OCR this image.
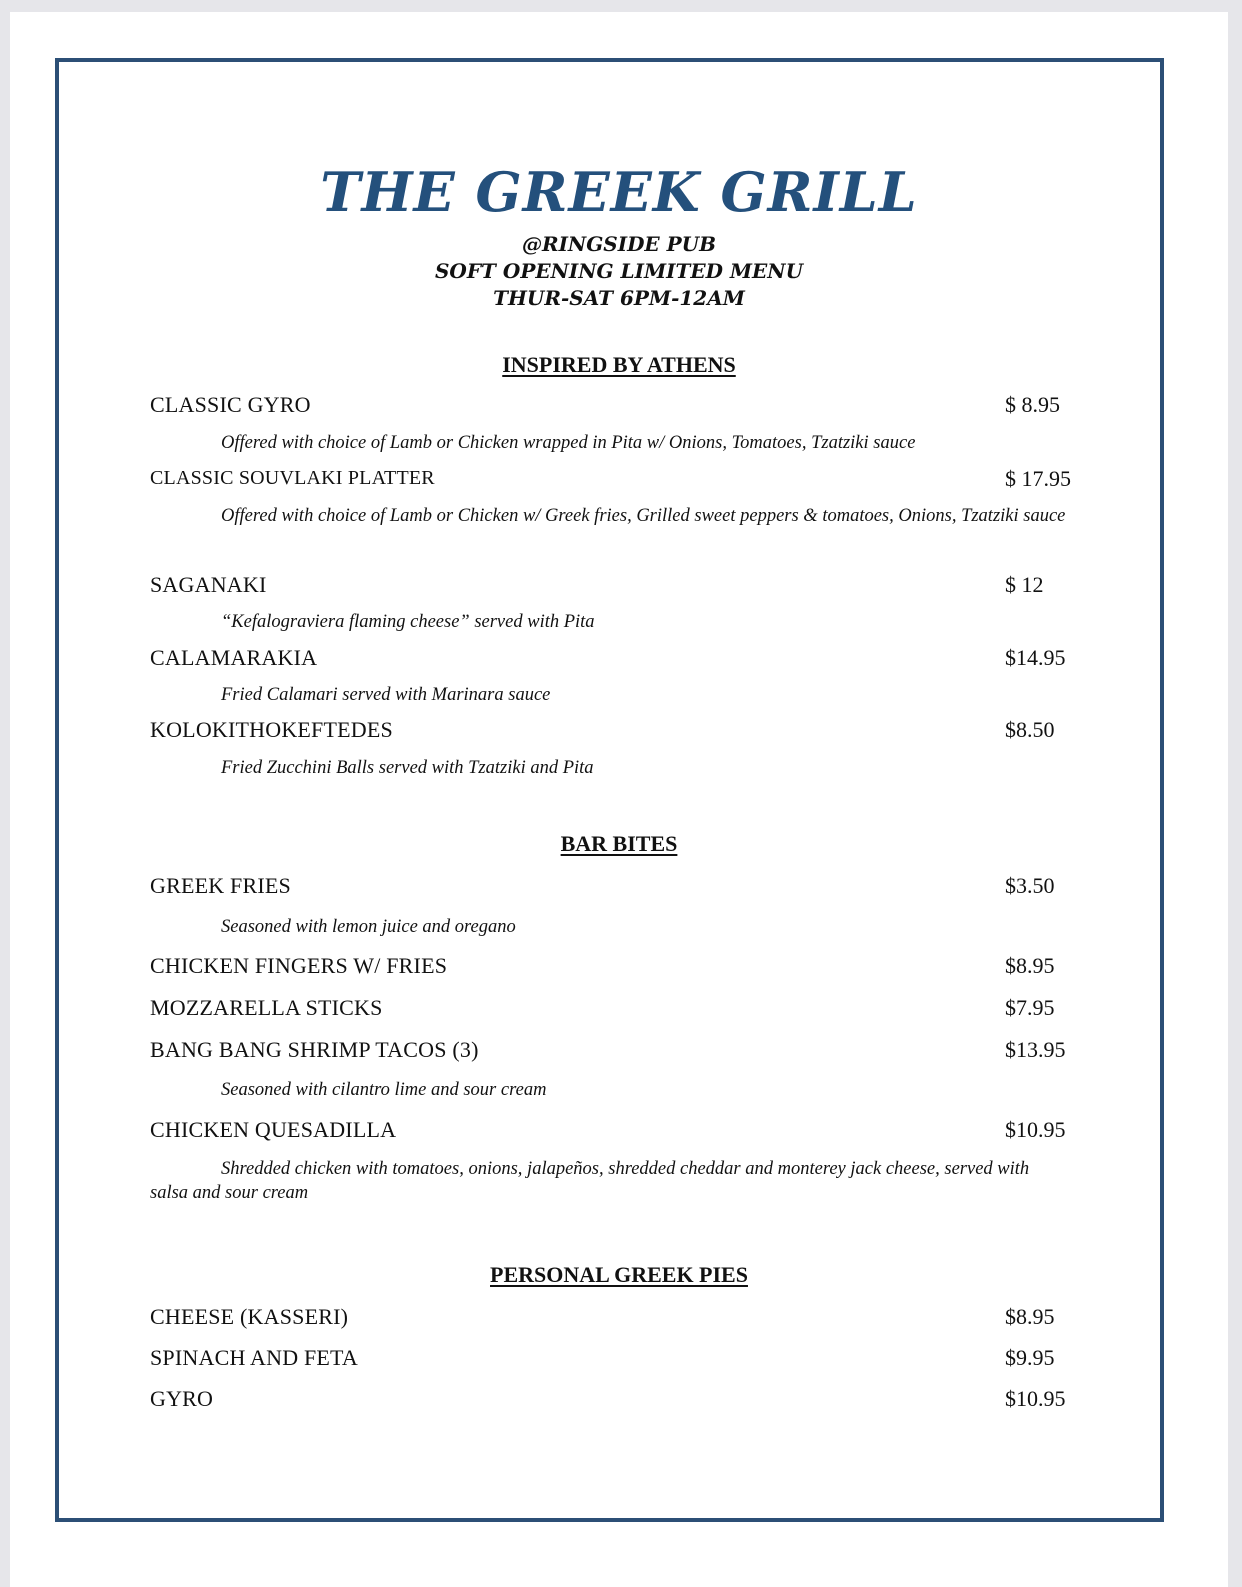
THE GREEK GRILL
@RINGSIDE PUB
SOFT OPENING LIMITED MENU
THUR-SAT 6PM-12AM
INSPIRED BY ATHENS
CLASSIC GYRO	$ 8.95
Offered with choice of Lamb or Chicken wrapped in Pita w/ Onions, Tomatoes, Tzatziki sauce
CLASSIC SOUVLAKI PLATTER	$ 17.95
Offered with choice of Lamb or Chicken w/ Greek fries, Grilled sweet peppers & tomatoes, Onions, Tzatziki sauce
SAGANAKI	$ 12
“Kefalograviera flaming cheese” served with Pita
CALAMARAKIA	$14.95
Fried Calamari served with Marinara sauce
KOLOKITHOKEFTEDES	$8.50
Fried Zucchini Balls served with Tzatziki and Pita
BAR BITES
GREEK FRIES	$3.50
Seasoned with lemon juice and oregano
CHICKEN FINGERS W/ FRIES	$8.95
MOZZARELLA STICKS	$7.95
BANG BANG SHRIMP TACOS (3)	$13.95
Seasoned with cilantro lime and sour cream
CHICKEN QUESADILLA	$10.95
Shredded chicken with tomatoes, onions, jalapeños, shredded cheddar and monterey jack cheese, served with salsa and sour cream
PERSONAL GREEK PIES
CHEESE (KASSERI)	$8.95
SPINACH AND FETA	$9.95
GYRO	$10.95
